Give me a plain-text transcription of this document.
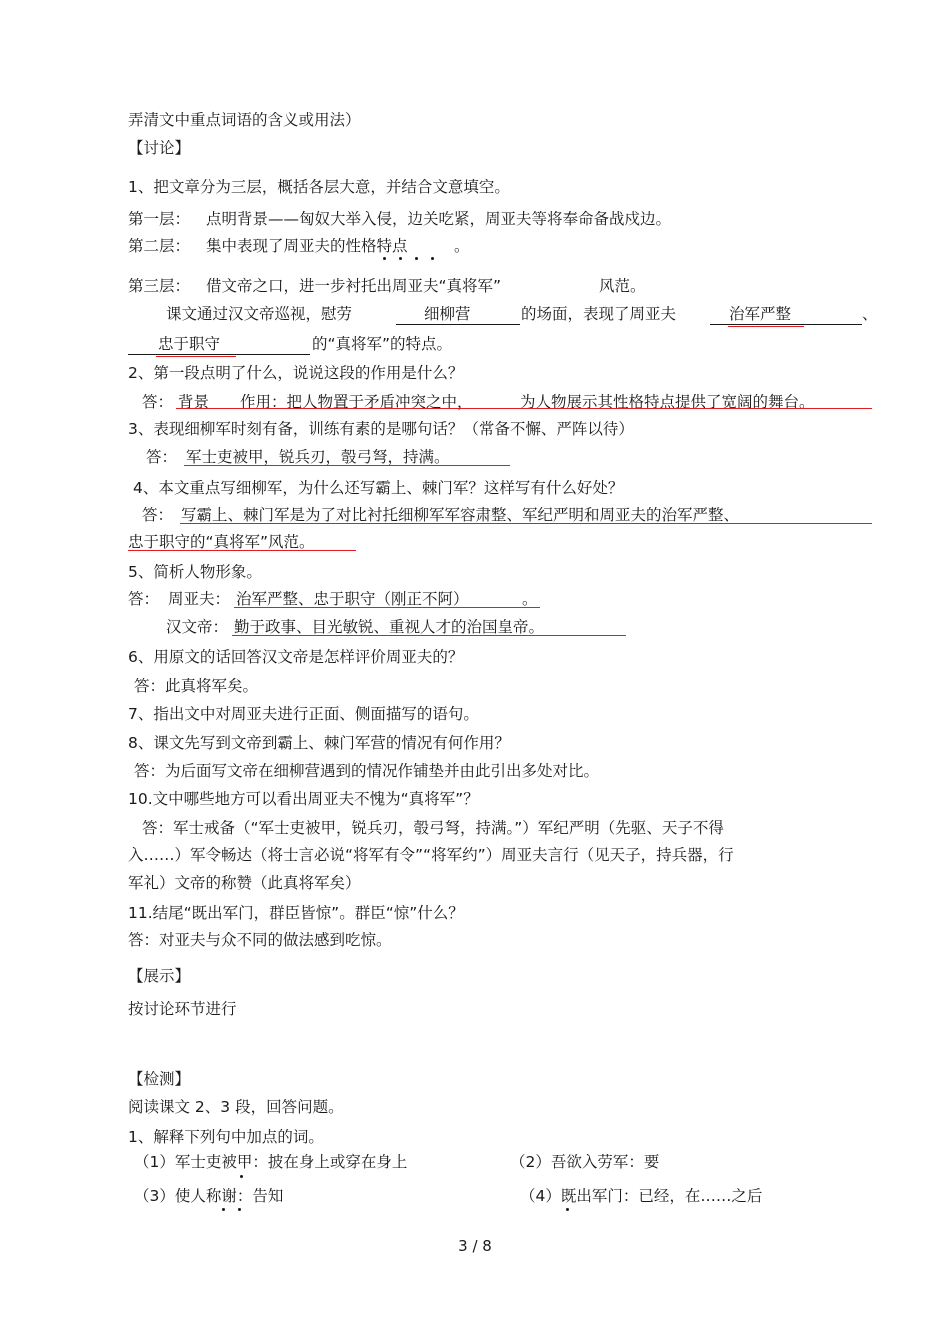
弄清文中重点词语的含义或用法）
【讨论】
1、把文章分为三层，概括各层大意，并结合文意填空。
第一层： 点明背景——匈奴大举入侵，边关吃紧，周亚夫等将奉命备战戍边。
第二层： 集中表现了周亚夫的性格特点	。
第三层： 借文帝之口，进一步衬托出周亚夫“真将军”	风范。
课文通过汉文帝巡视，慰劳	细柳营	的场面，表现了周亚夫	治军严整	、
忠于职守	的“真将军”的特点。
2、第一段点明了什么，说说这段的作用是什么？
答： 背景 作用：把人物置于矛盾冲突之中，	为人物展示其性格特点提供了宽阔的舞台。
3、表现细柳军时刻有备，训练有素的是哪句话？（常备不懈、严阵以待）
答： 军士吏被甲，锐兵刃，彀弓弩，持满。
4、本文重点写细柳军，为什么还写霸上、棘门军？这样写有什么好处？
答： 写霸上、棘门军是为了对比衬托细柳军军容肃整、军纪严明和周亚夫的治军严整、
忠于职守的“真将军”风范。
5、简析人物形象。
答： 周亚夫： 治军严整、忠于职守（刚正不阿）	。
汉文帝： 勤于政事、目光敏锐、重视人才的治国皇帝。
6、用原文的话回答汉文帝是怎样评价周亚夫的？
答：此真将军矣。
7、指出文中对周亚夫进行正面、侧面描写的语句。
8、课文先写到文帝到霸上、棘门军营的情况有何作用？
答：为后面写文帝在细柳营遇到的情况作铺垫并由此引出多处对比。
10.文中哪些地方可以看出周亚夫不愧为“真将军”？
答：军士戒备（“军士吏被甲，锐兵刃，彀弓弩，持满。”）军纪严明（先驱、天子不得
入……）军令畅达（将士言必说“将军有令”“将军约”）周亚夫言行（见天子，持兵器，行
军礼）文帝的称赞（此真将军矣）
11.结尾“既出军门，群臣皆惊”。群臣“惊”什么？
答：对亚夫与众不同的做法感到吃惊。
【展示】
按讨论环节进行
【检测】
阅读课文 2、3 段，回答问题。
1、解释下列句中加点的词。
（1）军士吏被甲：披在身上或穿在身上	（2）吾欲入劳军：要
（3）使人称谢：告知	（4）既出军门：已经，在……之后
3 / 8
